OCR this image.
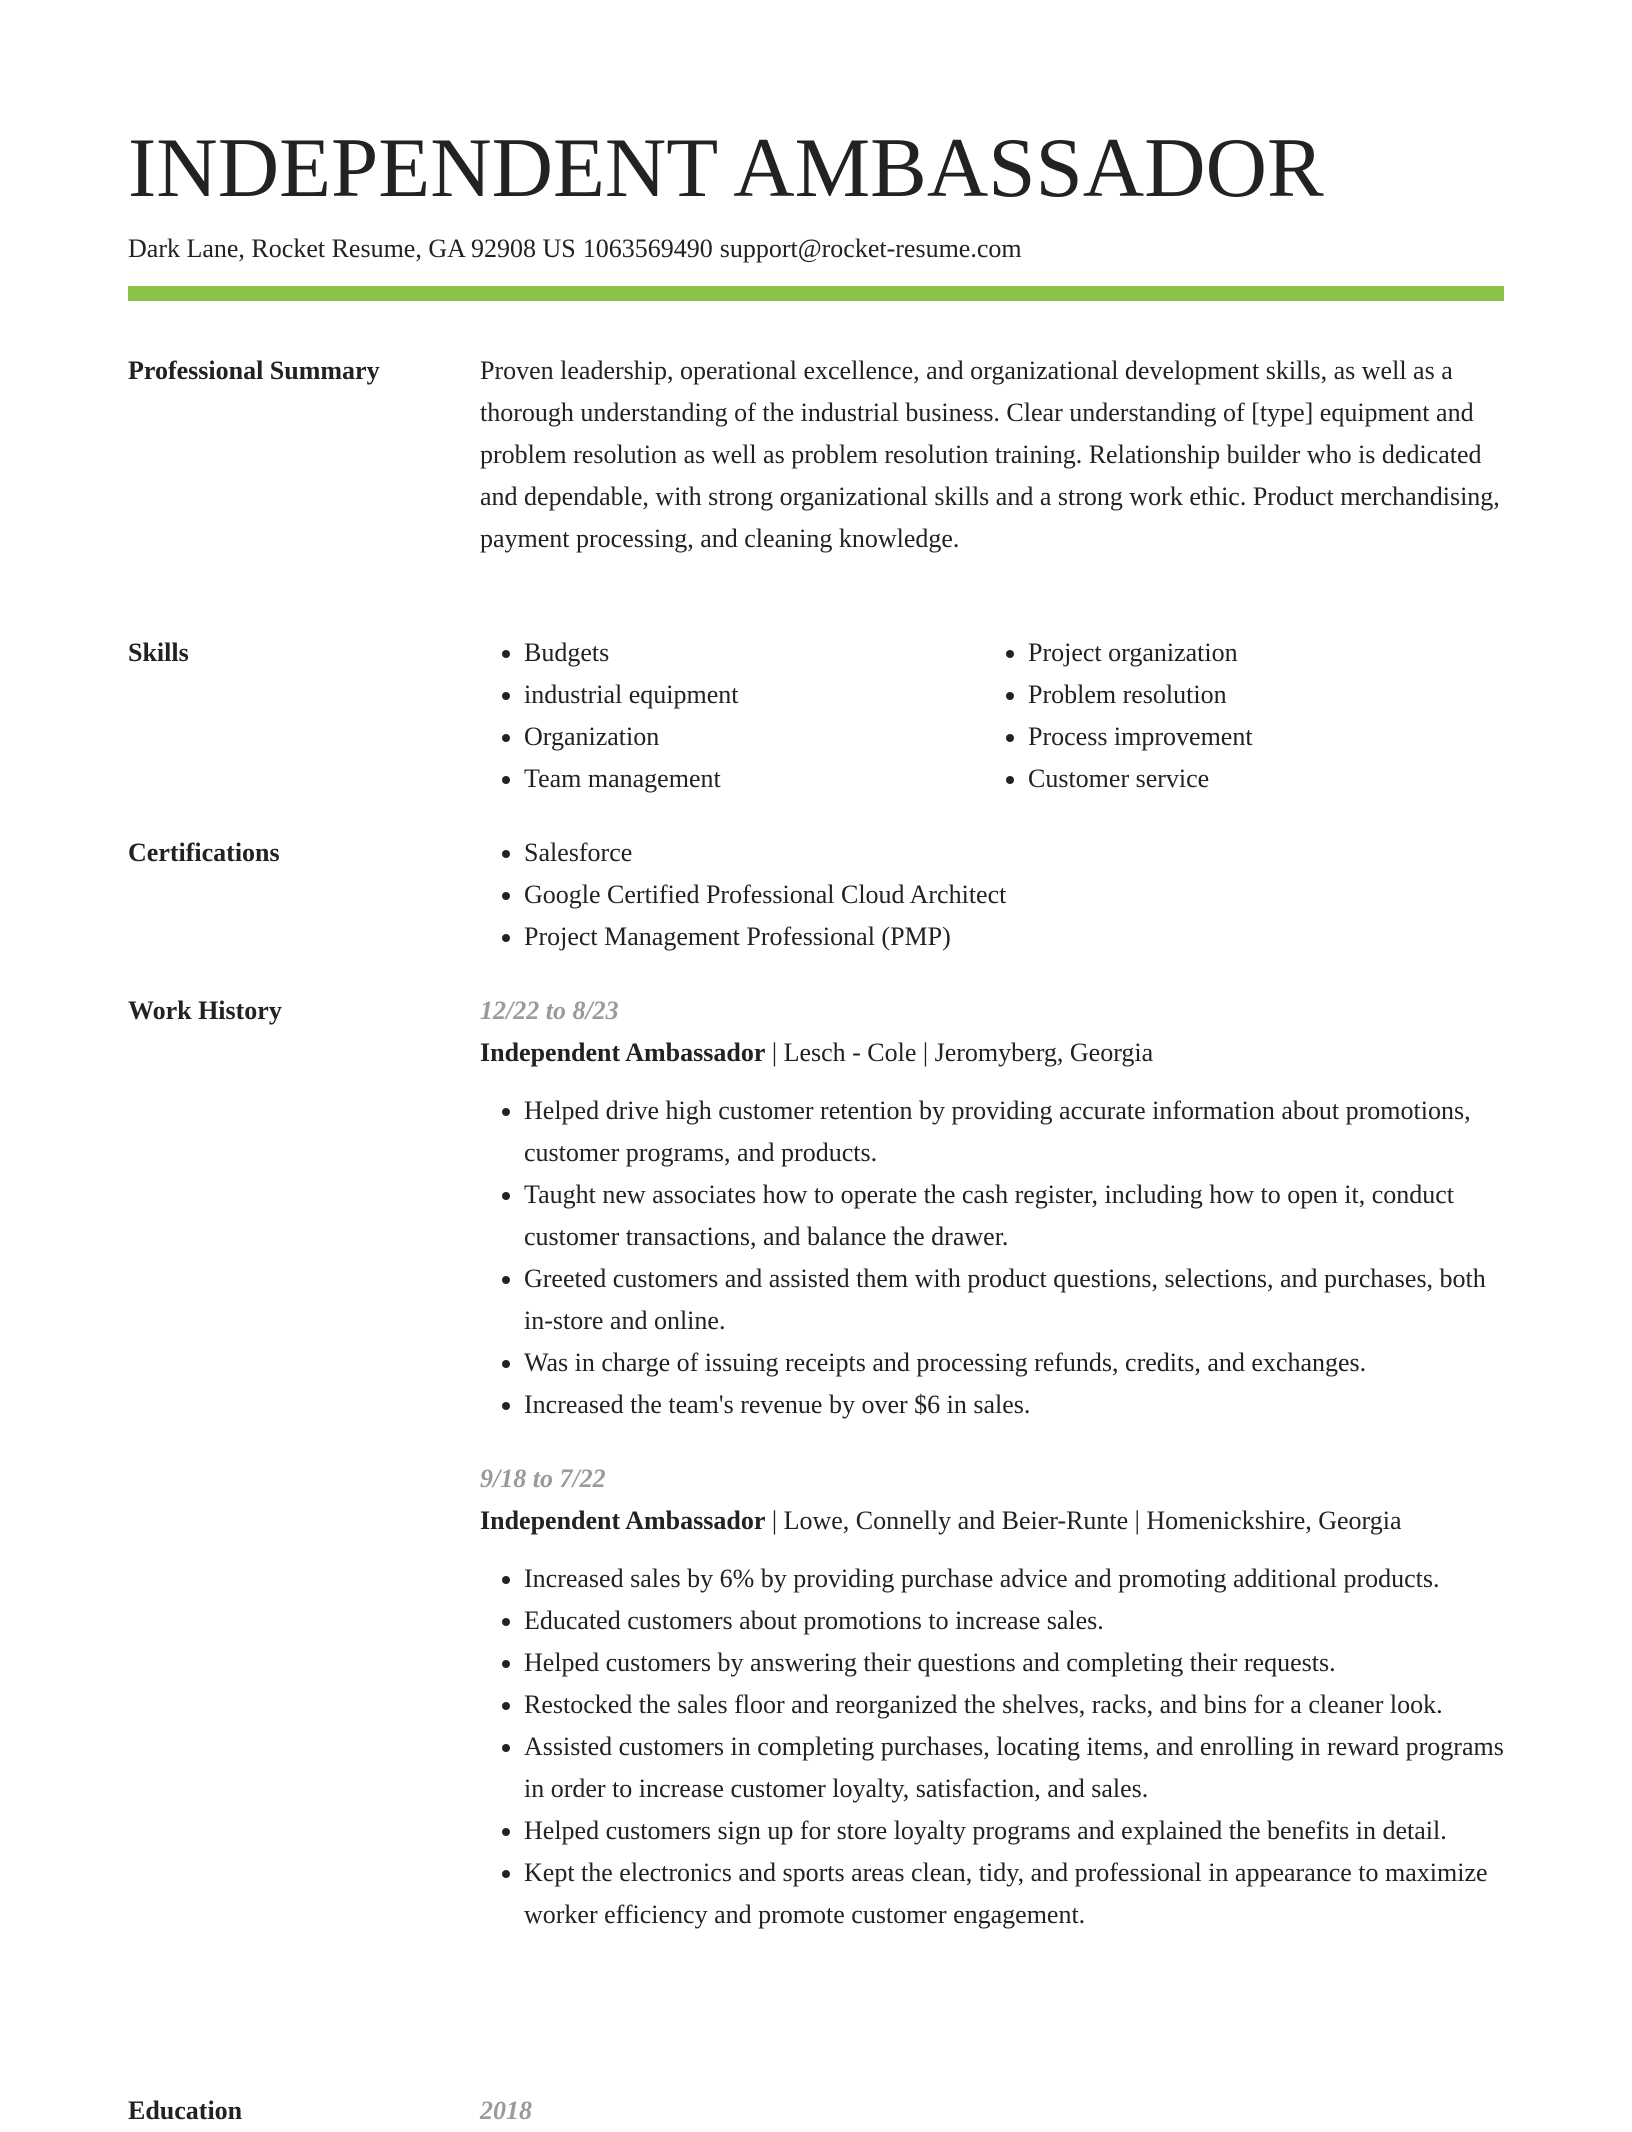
INDEPENDENT AMBASSADOR
Dark Lane, Rocket Resume, GA 92908 US 1063569490 support@rocket-resume.com
Professional Summary	Proven leadership, operational excellence, and organizational development skills, as well as a thorough understanding of the industrial business. Clear understanding of [type] equipment and problem resolution as well as problem resolution training. Relationship builder who is dedicated and dependable, with strong organizational skills and a strong work ethic. Product merchandising, payment processing, and cleaning knowledge.

Skills	• Budgets
• industrial equipment
• Organization
• Team management
• Project organization
• Problem resolution
• Process improvement
• Customer service
Certifications	• Salesforce
• Google Certified Professional Cloud Architect
• Project Management Professional (PMP)
Work History	12/22 to 8/23
Independent Ambassador | Lesch - Cole | Jeromyberg, Georgia
• Helped drive high customer retention by providing accurate information about promotions, customer programs, and products.
• Taught new associates how to operate the cash register, including how to open it, conduct customer transactions, and balance the drawer.
• Greeted customers and assisted them with product questions, selections, and purchases, both in-store and online.
• Was in charge of issuing receipts and processing refunds, credits, and exchanges.
• Increased the team's revenue by over $6 in sales.
9/18 to 7/22
Independent Ambassador | Lowe, Connelly and Beier-Runte | Homenickshire, Georgia
• Increased sales by 6% by providing purchase advice and promoting additional products.
• Educated customers about promotions to increase sales.
• Helped customers by answering their questions and completing their requests.
• Restocked the sales floor and reorganized the shelves, racks, and bins for a cleaner look.
• Assisted customers in completing purchases, locating items, and enrolling in reward programs in order to increase customer loyalty, satisfaction, and sales.
• Helped customers sign up for store loyalty programs and explained the benefits in detail.
• Kept the electronics and sports areas clean, tidy, and professional in appearance to maximize worker efficiency and promote customer engagement.
Education	2018
